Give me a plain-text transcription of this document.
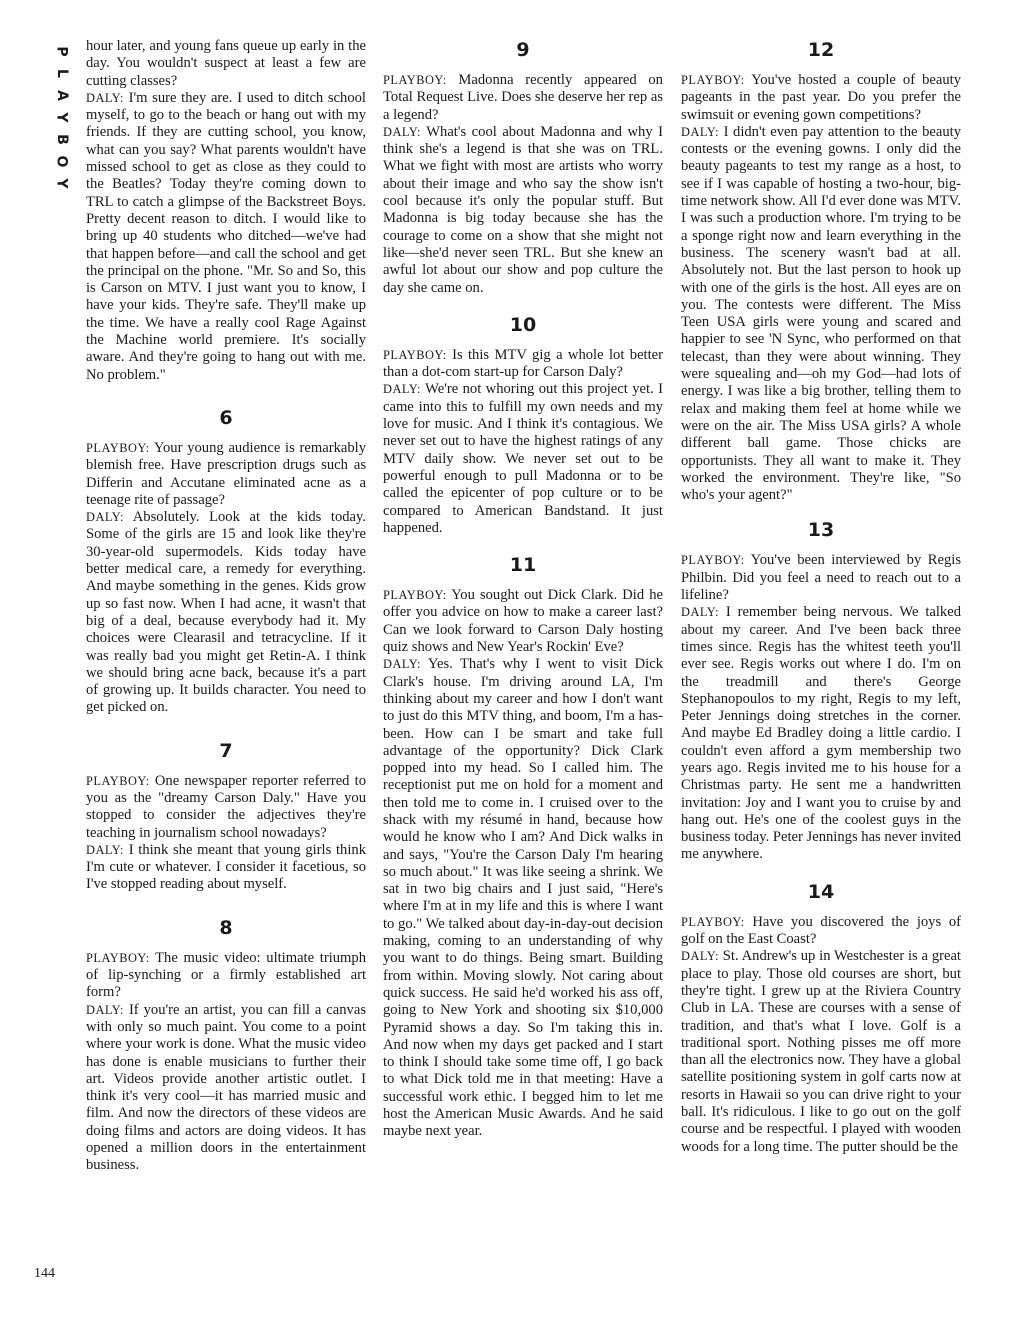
P
L
A
Y
B
O
Y

hour later, and young fans queue up early in the day. You wouldn't suspect at least a few are cutting classes?

DALY: I'm sure they are. I used to ditch school myself, to go to the beach or hang out with my friends. If they are cutting school, you know, what can you say? What parents wouldn't have missed school to get as close as they could to the Beatles? Today they're coming down to TRL to catch a glimpse of the Backstreet Boys. Pretty decent reason to ditch. I would like to bring up 40 students who ditched—we've had that happen before—and call the school and get the principal on the phone. "Mr. So and So, this is Carson on MTV. I just want you to know, I have your kids. They're safe. They'll make up the time. We have a really cool Rage Against the Machine world premiere. It's socially aware. And they're going to hang out with me. No problem."

6

PLAYBOY: Your young audience is remarkably blemish free. Have prescription drugs such as Differin and Accutane eliminated acne as a teenage rite of passage?

DALY: Absolutely. Look at the kids today. Some of the girls are 15 and look like they're 30-year-old supermodels. Kids today have better medical care, a remedy for everything. And maybe something in the genes. Kids grow up so fast now. When I had acne, it wasn't that big of a deal, because everybody had it. My choices were Clearasil and tetracycline. If it was really bad you might get Retin-A. I think we should bring acne back, because it's a part of growing up. It builds character. You need to get picked on.

7

PLAYBOY: One newspaper reporter referred to you as the "dreamy Carson Daly." Have you stopped to consider the adjectives they're teaching in journalism school nowadays?

DALY: I think she meant that young girls think I'm cute or whatever. I consider it facetious, so I've stopped reading about myself.

8

PLAYBOY: The music video: ultimate triumph of lip-synching or a firmly established art form?

DALY: If you're an artist, you can fill a canvas with only so much paint. You come to a point where your work is done. What the music video has done is enable musicians to further their art. Videos provide another artistic outlet. I think it's very cool—it has married music and film. And now the directors of these videos are doing films and actors are doing videos. It has opened a million doors in the entertainment business.

9

PLAYBOY: Madonna recently appeared on Total Request Live. Does she deserve her rep as a legend?

DALY: What's cool about Madonna and why I think she's a legend is that she was on TRL. What we fight with most are artists who worry about their image and who say the show isn't cool because it's only the popular stuff. But Madonna is big today because she has the courage to come on a show that she might not like—she'd never seen TRL. But she knew an awful lot about our show and pop culture the day she came on.

10

PLAYBOY: Is this MTV gig a whole lot better than a dot-com start-up for Carson Daly?

DALY: We're not whoring out this project yet. I came into this to fulfill my own needs and my love for music. And I think it's contagious. We never set out to have the highest ratings of any MTV daily show. We never set out to be powerful enough to pull Madonna or to be called the epicenter of pop culture or to be compared to American Bandstand. It just happened.

11

PLAYBOY: You sought out Dick Clark. Did he offer you advice on how to make a career last? Can we look forward to Carson Daly hosting quiz shows and New Year's Rockin' Eve?

DALY: Yes. That's why I went to visit Dick Clark's house. I'm driving around LA, I'm thinking about my career and how I don't want to just do this MTV thing, and boom, I'm a has-been. How can I be smart and take full advantage of the opportunity? Dick Clark popped into my head. So I called him. The receptionist put me on hold for a moment and then told me to come in. I cruised over to the shack with my résumé in hand, because how would he know who I am? And Dick walks in and says, "You're the Carson Daly I'm hearing so much about." It was like seeing a shrink. We sat in two big chairs and I just said, "Here's where I'm at in my life and this is where I want to go." We talked about day-in-day-out decision making, coming to an understanding of why you want to do things. Being smart. Building from within. Moving slowly. Not caring about quick success. He said he'd worked his ass off, going to New York and shooting six $10,000 Pyramid shows a day. So I'm taking this in. And now when my days get packed and I start to think I should take some time off, I go back to what Dick told me in that meeting: Have a successful work ethic. I begged him to let me host the American Music Awards. And he said maybe next year.

12

PLAYBOY: You've hosted a couple of beauty pageants in the past year. Do you prefer the swimsuit or evening gown competitions?

DALY: I didn't even pay attention to the beauty contests or the evening gowns. I only did the beauty pageants to test my range as a host, to see if I was capable of hosting a two-hour, big-time network show. All I'd ever done was MTV. I was such a production whore. I'm trying to be a sponge right now and learn everything in the business. The scenery wasn't bad at all. Absolutely not. But the last person to hook up with one of the girls is the host. All eyes are on you. The contests were different. The Miss Teen USA girls were young and scared and happier to see 'N Sync, who performed on that telecast, than they were about winning. They were squealing and—oh my God—had lots of energy. I was like a big brother, telling them to relax and making them feel at home while we were on the air. The Miss USA girls? A whole different ball game. Those chicks are opportunists. They all want to make it. They worked the environment. They're like, "So who's your agent?"

13

PLAYBOY: You've been interviewed by Regis Philbin. Did you feel a need to reach out to a lifeline?

DALY: I remember being nervous. We talked about my career. And I've been back three times since. Regis has the whitest teeth you'll ever see. Regis works out where I do. I'm on the treadmill and there's George Stephanopoulos to my right, Regis to my left, Peter Jennings doing stretches in the corner. And maybe Ed Bradley doing a little cardio. I couldn't even afford a gym membership two years ago. Regis invited me to his house for a Christmas party. He sent me a handwritten invitation: Joy and I want you to cruise by and hang out. He's one of the coolest guys in the business today. Peter Jennings has never invited me anywhere.

14

PLAYBOY: Have you discovered the joys of golf on the East Coast?

DALY: St. Andrew's up in Westchester is a great place to play. Those old courses are short, but they're tight. I grew up at the Riviera Country Club in LA. These are courses with a sense of tradition, and that's what I love. Golf is a traditional sport. Nothing pisses me off more than all the electronics now. They have a global satellite positioning system in golf carts now at resorts in Hawaii so you can drive right to your ball. It's ridiculous. I like to go out on the golf course and be respectful. I played with wooden woods for a long time. The putter should be the

144
